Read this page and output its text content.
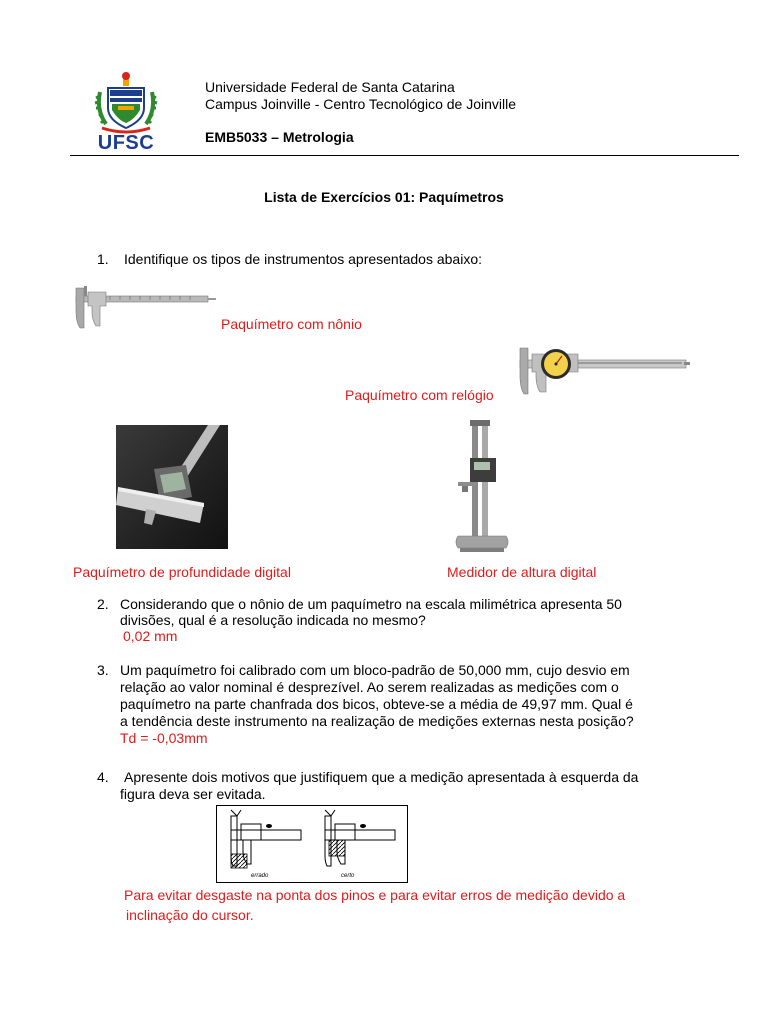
UFSC
Universidade Federal de Santa Catarina
Campus Joinville - Centro Tecnológico de Joinville
EMB5033 – Metrologia
Lista de Exercícios 01: Paquímetros
1. Identifique os tipos de instrumentos apresentados abaixo:
Paquímetro com nônio
Paquímetro com relógio
Paquímetro de profundidade digital	Medidor de altura digital
2. Considerando que o nônio de um paquímetro na escala milimétrica apresenta 50
divisões, qual é a resolução indicada no mesmo?
0,02 mm
3. Um paquímetro foi calibrado com um bloco-padrão de 50,000 mm, cujo desvio em
relação ao valor nominal é desprezível. Ao serem realizadas as medições com o
paquímetro na parte chanfrada dos bicos, obteve-se a média de 49,97 mm. Qual é
a tendência deste instrumento na realização de medições externas nesta posição?
Td = -0,03mm
4. Apresente dois motivos que justifiquem que a medição apresentada à esquerda da
figura deva ser evitada.
errado	certo
Para evitar desgaste na ponta dos pinos e para evitar erros de medição devido a
inclinação do cursor.
